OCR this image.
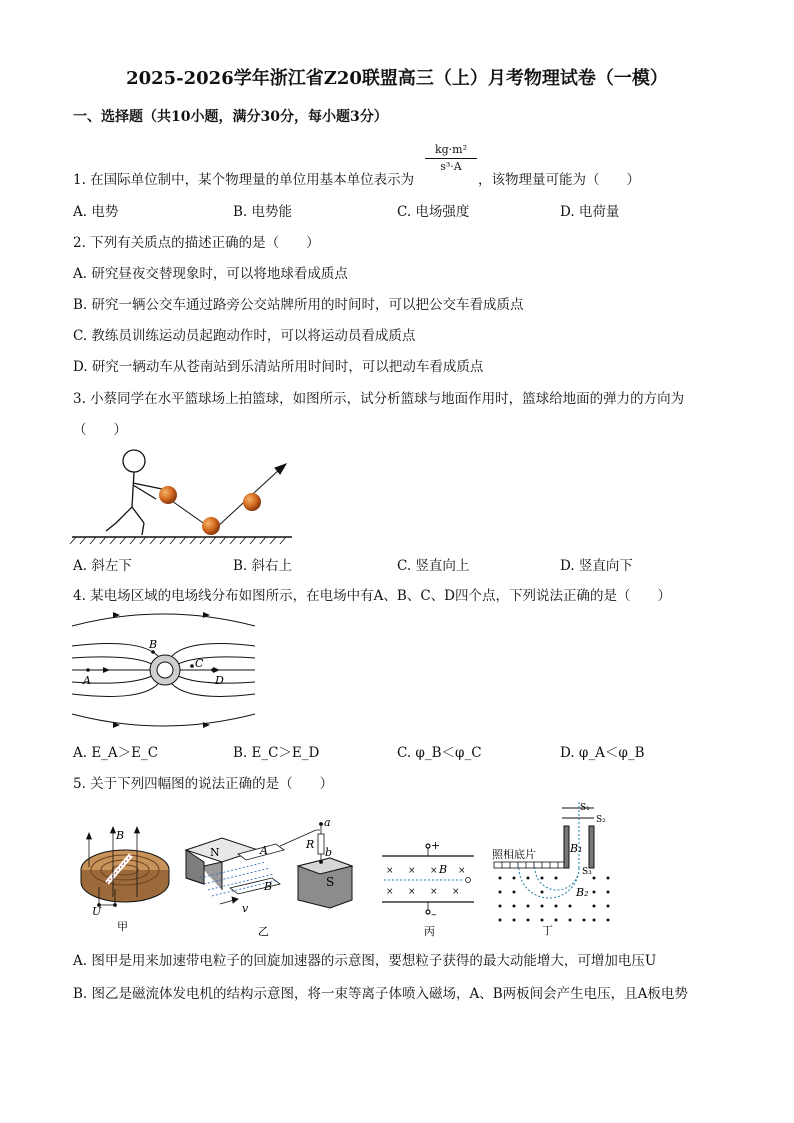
2025-2026学年浙江省Z20联盟高三（上）月考物理试卷（一模）
一、选择题（共10小题，满分30分，每小题3分）
1. 在国际单位制中，某个物理量的单位用基本单位表示为
kg·m²
s³·A
，该物理量可能为（　　）
A. 电势	B. 电势能	C. 电场强度	D. 电荷量
2. 下列有关质点的描述正确的是（　　）
A. 研究昼夜交替现象时，可以将地球看成质点
B. 研究一辆公交车通过路旁公交站牌所用的时间时，可以把公交车看成质点
C. 教练员训练运动员起跑动作时，可以将运动员看成质点
D. 研究一辆动车从苍南站到乐清站所用时间时，可以把动车看成质点
3. 小蔡同学在水平篮球场上拍篮球，如图所示，试分析篮球与地面作用时，篮球给地面的弹力的方向为
（　　）
A. 斜左下	B. 斜右上	C. 竖直向上	D. 竖直向下
4. 某电场区域的电场线分布如图所示，在电场中有A、B、C、D四个点，下列说法正确的是（　　）
A
B
C
D
A. E_A＞E_C	B. E_C＞E_D	C. φ_B＜φ_C	D. φ_A＜φ_B
5. 关于下列四幅图的说法正确的是（　　）
B
U
甲
N
S
A
B
v
R
a
b
乙
+
–
× × × ×
× × × ×
B
丙
照相底片
S₁
S₂
B₁
S₃
B₂
丁
A. 图甲是用来加速带电粒子的回旋加速器的示意图，要想粒子获得的最大动能增大，可增加电压U
B. 图乙是磁流体发电机的结构示意图，将一束等离子体喷入磁场，A、B两板间会产生电压，且A板电势
